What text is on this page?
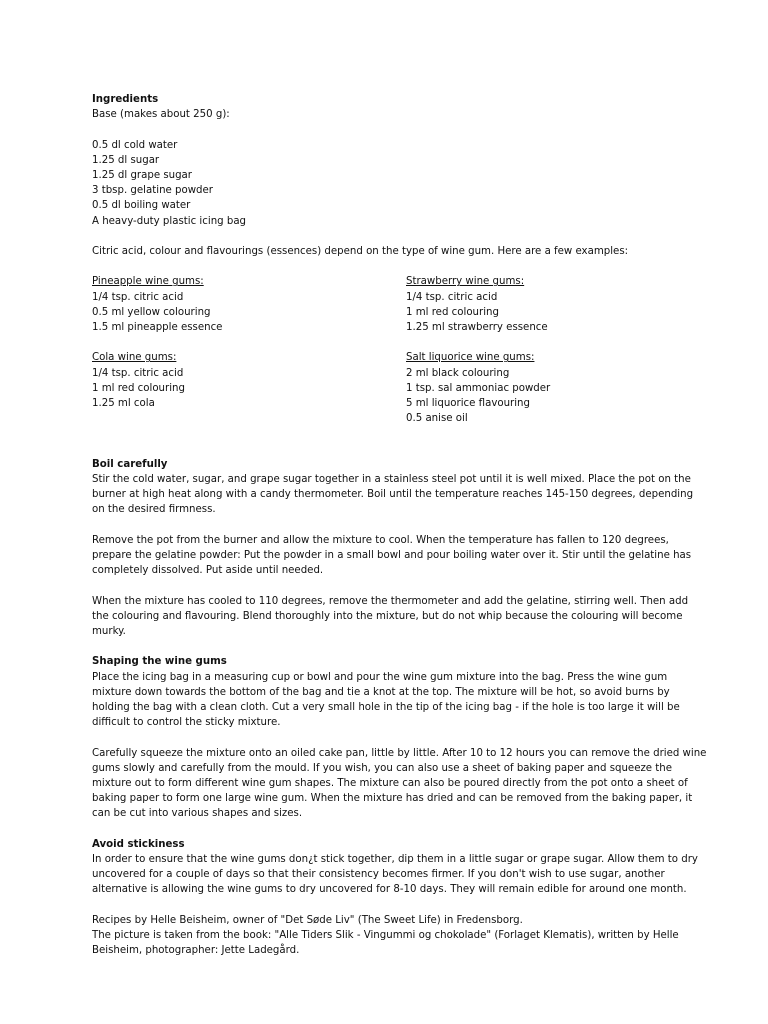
Ingredients
Base (makes about 250 g):
0.5 dl cold water
1.25 dl sugar
1.25 dl grape sugar
3 tbsp. gelatine powder
0.5 dl boiling water
A heavy-duty plastic icing bag
Citric acid, colour and flavourings (essences) depend on the type of wine gum. Here are a few examples:
Pineapple wine gums:
1/4 tsp. citric acid
0.5 ml yellow colouring
1.5 ml pineapple essence
Strawberry wine gums:
1/4 tsp. citric acid
1 ml red colouring
1.25 ml strawberry essence
Cola wine gums:
1/4 tsp. citric acid
1 ml red colouring
1.25 ml cola
Salt liquorice wine gums:
2 ml black colouring
1 tsp. sal ammoniac powder
5 ml liquorice flavouring
0.5 anise oil
Boil carefully
Stir the cold water, sugar, and grape sugar together in a stainless steel pot until it is well mixed. Place the pot on the
burner at high heat along with a candy thermometer. Boil until the temperature reaches 145-150 degrees, depending
on the desired firmness.
Remove the pot from the burner and allow the mixture to cool. When the temperature has fallen to 120 degrees,
prepare the gelatine powder: Put the powder in a small bowl and pour boiling water over it. Stir until the gelatine has
completely dissolved. Put aside until needed.
When the mixture has cooled to 110 degrees, remove the thermometer and add the gelatine, stirring well. Then add
the colouring and flavouring. Blend thoroughly into the mixture, but do not whip because the colouring will become
murky.
Shaping the wine gums
Place the icing bag in a measuring cup or bowl and pour the wine gum mixture into the bag. Press the wine gum
mixture down towards the bottom of the bag and tie a knot at the top. The mixture will be hot, so avoid burns by
holding the bag with a clean cloth. Cut a very small hole in the tip of the icing bag - if the hole is too large it will be
difficult to control the sticky mixture.
Carefully squeeze the mixture onto an oiled cake pan, little by little. After 10 to 12 hours you can remove the dried wine
gums slowly and carefully from the mould. If you wish, you can also use a sheet of baking paper and squeeze the
mixture out to form different wine gum shapes. The mixture can also be poured directly from the pot onto a sheet of
baking paper to form one large wine gum. When the mixture has dried and can be removed from the baking paper, it
can be cut into various shapes and sizes.
Avoid stickiness
In order to ensure that the wine gums don¿t stick together, dip them in a little sugar or grape sugar. Allow them to dry
uncovered for a couple of days so that their consistency becomes firmer. If you don't wish to use sugar, another
alternative is allowing the wine gums to dry uncovered for 8-10 days. They will remain edible for around one month.
Recipes by Helle Beisheim, owner of "Det Søde Liv" (The Sweet Life) in Fredensborg.
The picture is taken from the book: "Alle Tiders Slik - Vingummi og chokolade" (Forlaget Klematis), written by Helle
Beisheim, photographer: Jette Ladegård.
